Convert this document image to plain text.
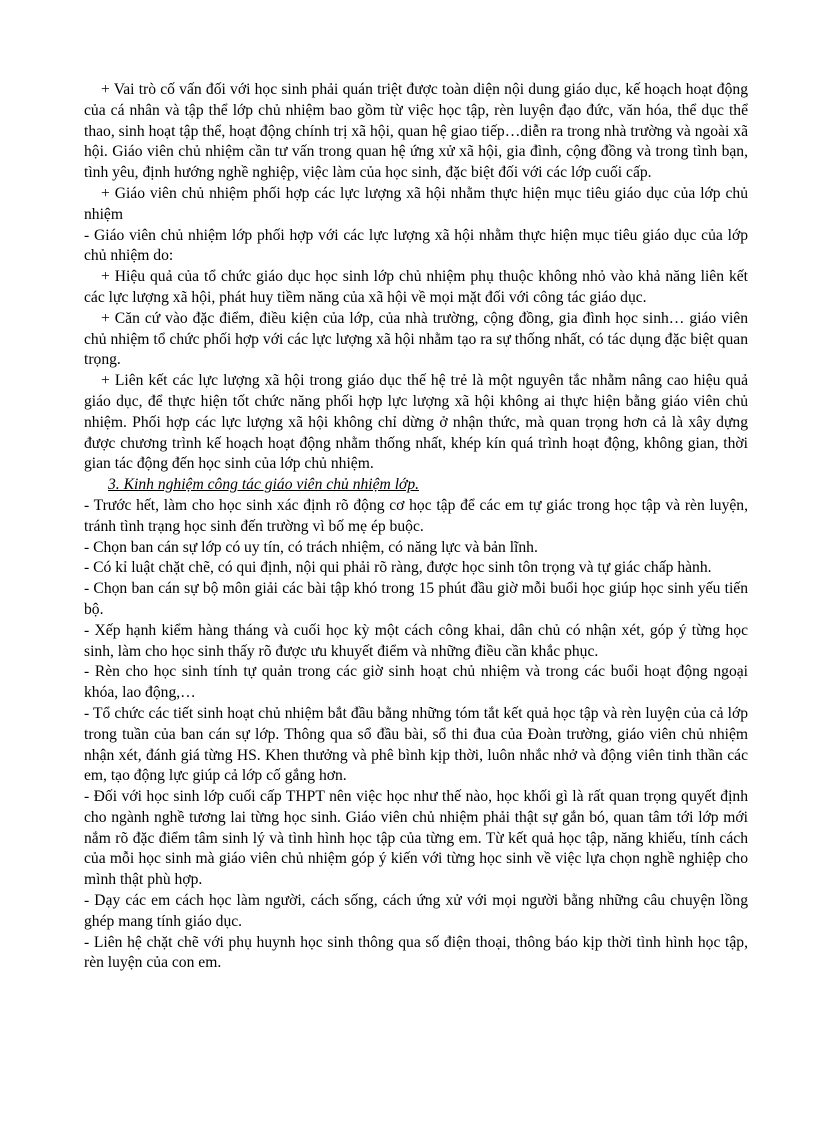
+ Vai trò cố vấn đối với học sinh phải quán triệt được toàn diện nội dung giáo dục, kế hoạch hoạt động của cá nhân và tập thể lớp chủ nhiệm bao gồm từ việc học tập, rèn luyện đạo đức, văn hóa, thể dục thể thao, sinh hoạt tập thể, hoạt động chính trị xã hội, quan hệ giao tiếp…diễn ra trong nhà trường và ngoài xã hội. Giáo viên chủ nhiệm cần tư vấn trong quan hệ ứng xử xã hội, gia đình, cộng đồng và trong tình bạn, tình yêu, định hướng nghề nghiệp, việc làm của học sinh, đặc biệt đối với các lớp cuối cấp.

+ Giáo viên chủ nhiệm phối hợp các lực lượng xã hội nhằm thực hiện mục tiêu giáo dục của lớp chủ nhiệm

- Giáo viên chủ nhiệm lớp phối hợp với các lực lượng xã hội nhằm thực hiện mục tiêu giáo dục của lớp chủ nhiệm do:

+ Hiệu quả của tổ chức giáo dục học sinh lớp chủ nhiệm phụ thuộc không nhỏ vào khả năng liên kết các lực lượng xã hội, phát huy tiềm năng của xã hội về mọi mặt đối với công tác giáo dục.

+ Căn cứ vào đặc điểm, điều kiện của lớp, của nhà trường, cộng đồng, gia đình học sinh… giáo viên chủ nhiệm tổ chức phối hợp với các lực lượng xã hội nhằm tạo ra sự thống nhất, có tác dụng đặc biệt quan trọng.

+ Liên kết các lực lượng xã hội trong giáo dục thế hệ trẻ là một nguyên tắc nhằm nâng cao hiệu quả giáo dục, để thực hiện tốt chức năng phối hợp lực lượng xã hội không ai thực hiện bằng giáo viên chủ nhiệm. Phối hợp các lực lượng xã hội không chỉ dừng ở nhận thức, mà quan trọng hơn cả là xây dựng được chương trình kế hoạch hoạt động nhằm thống nhất, khép kín quá trình hoạt động, không gian, thời gian tác động đến học sinh của lớp chủ nhiệm.

3. Kinh nghiệm công tác giáo viên chủ nhiệm lớp.

- Trước hết, làm cho học sinh xác định rõ động cơ học tập để các em tự giác trong học tập và rèn luyện, tránh tình trạng học sinh đến trường vì bố mẹ ép buộc.

- Chọn ban cán sự lớp có uy tín, có trách nhiệm, có năng lực và bản lĩnh.

- Có kỉ luật chặt chẽ, có qui định, nội qui phải rõ ràng, được học sinh tôn trọng và tự giác chấp hành.

- Chọn ban cán sự bộ môn giải các bài tập khó trong 15 phút đầu giờ mỗi buổi học giúp học sinh yếu tiến bộ.

- Xếp hạnh kiểm hàng tháng và cuối học kỳ một cách công khai, dân chủ có nhận xét, góp ý từng học sinh, làm cho học sinh thấy rõ được ưu khuyết điểm và những điều cần khắc phục.

- Rèn cho học sinh tính tự quản trong các giờ sinh hoạt chủ nhiệm và trong các buổi hoạt động ngoại khóa, lao động,…

- Tổ chức các tiết sinh hoạt chủ nhiệm bắt đầu bằng những tóm tắt kết quả học tập và rèn luyện của cả lớp trong tuần của ban cán sự lớp. Thông qua sổ đầu bài, sổ thi đua của Đoàn trường, giáo viên chủ nhiệm nhận xét, đánh giá từng HS. Khen thưởng và phê bình kịp thời, luôn nhắc nhở và động viên tinh thần các em, tạo động lực giúp cả lớp cố gắng hơn.

- Đối với học sinh lớp cuối cấp THPT nên việc học như thế nào, học khối gì là rất quan trọng quyết định cho ngành nghề tương lai từng học sinh. Giáo viên chủ nhiệm phải thật sự gắn bó, quan tâm tới lớp mới nắm rõ đặc điểm tâm sinh lý và tình hình học tập của từng em. Từ kết quả học tập, năng khiếu, tính cách của mỗi học sinh mà giáo viên chủ nhiệm góp ý kiến với từng học sinh về việc lựa chọn nghề nghiệp cho mình thật phù hợp.

- Dạy các em cách học làm người, cách sống, cách ứng xử với mọi người bằng những câu chuyện lồng ghép mang tính giáo dục.

- Liên hệ chặt chẽ với phụ huynh học sinh thông qua số điện thoại, thông báo kịp thời tình hình học tập, rèn luyện của con em.
